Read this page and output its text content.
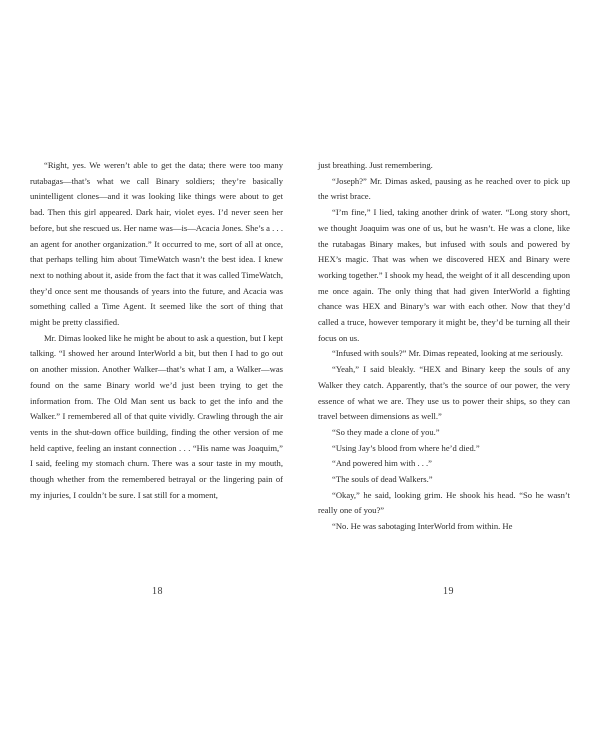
“Right, yes. We weren’t able to get the data; there were too many rutabagas—that’s what we call Binary soldiers; they’re basically unintelligent clones—and it was looking like things were about to get bad. Then this girl appeared. Dark hair, violet eyes. I’d never seen her before, but she rescued us. Her name was—is—Acacia Jones. She’s a . . . an agent for another organization.” It occurred to me, sort of all at once, that perhaps telling him about TimeWatch wasn’t the best idea. I knew next to nothing about it, aside from the fact that it was called TimeWatch, they’d once sent me thousands of years into the future, and Acacia was something called a Time Agent. It seemed like the sort of thing that might be pretty classified.

Mr. Dimas looked like he might be about to ask a question, but I kept talking. “I showed her around InterWorld a bit, but then I had to go out on another mission. Another Walker—that’s what I am, a Walker—was found on the same Binary world we’d just been trying to get the information from. The Old Man sent us back to get the info and the Walker.” I remembered all of that quite vividly. Crawling through the air vents in the shut-down office building, finding the other version of me held captive, feeling an instant connection . . . “His name was Joaquim,” I said, feeling my stomach churn. There was a sour taste in my mouth, though whether from the remembered betrayal or the lingering pain of my injuries, I couldn’t be sure. I sat still for a moment,

18

just breathing. Just remembering.

“Joseph?” Mr. Dimas asked, pausing as he reached over to pick up the wrist brace.

“I’m fine,” I lied, taking another drink of water. “Long story short, we thought Joaquim was one of us, but he wasn’t. He was a clone, like the rutabagas Binary makes, but infused with souls and powered by HEX’s magic. That was when we discovered HEX and Binary were working together.” I shook my head, the weight of it all descending upon me once again. The only thing that had given InterWorld a fighting chance was HEX and Binary’s war with each other. Now that they’d called a truce, however temporary it might be, they’d be turning all their focus on us.

“Infused with souls?” Mr. Dimas repeated, looking at me seriously.

“Yeah,” I said bleakly. “HEX and Binary keep the souls of any Walker they catch. Apparently, that’s the source of our power, the very essence of what we are. They use us to power their ships, so they can travel between dimensions as well.”

“So they made a clone of you.”

“Using Jay’s blood from where he’d died.”

“And powered him with . . .”

“The souls of dead Walkers.”

“Okay,” he said, looking grim. He shook his head. “So he wasn’t really one of you?”

“No. He was sabotaging InterWorld from within. He

19
